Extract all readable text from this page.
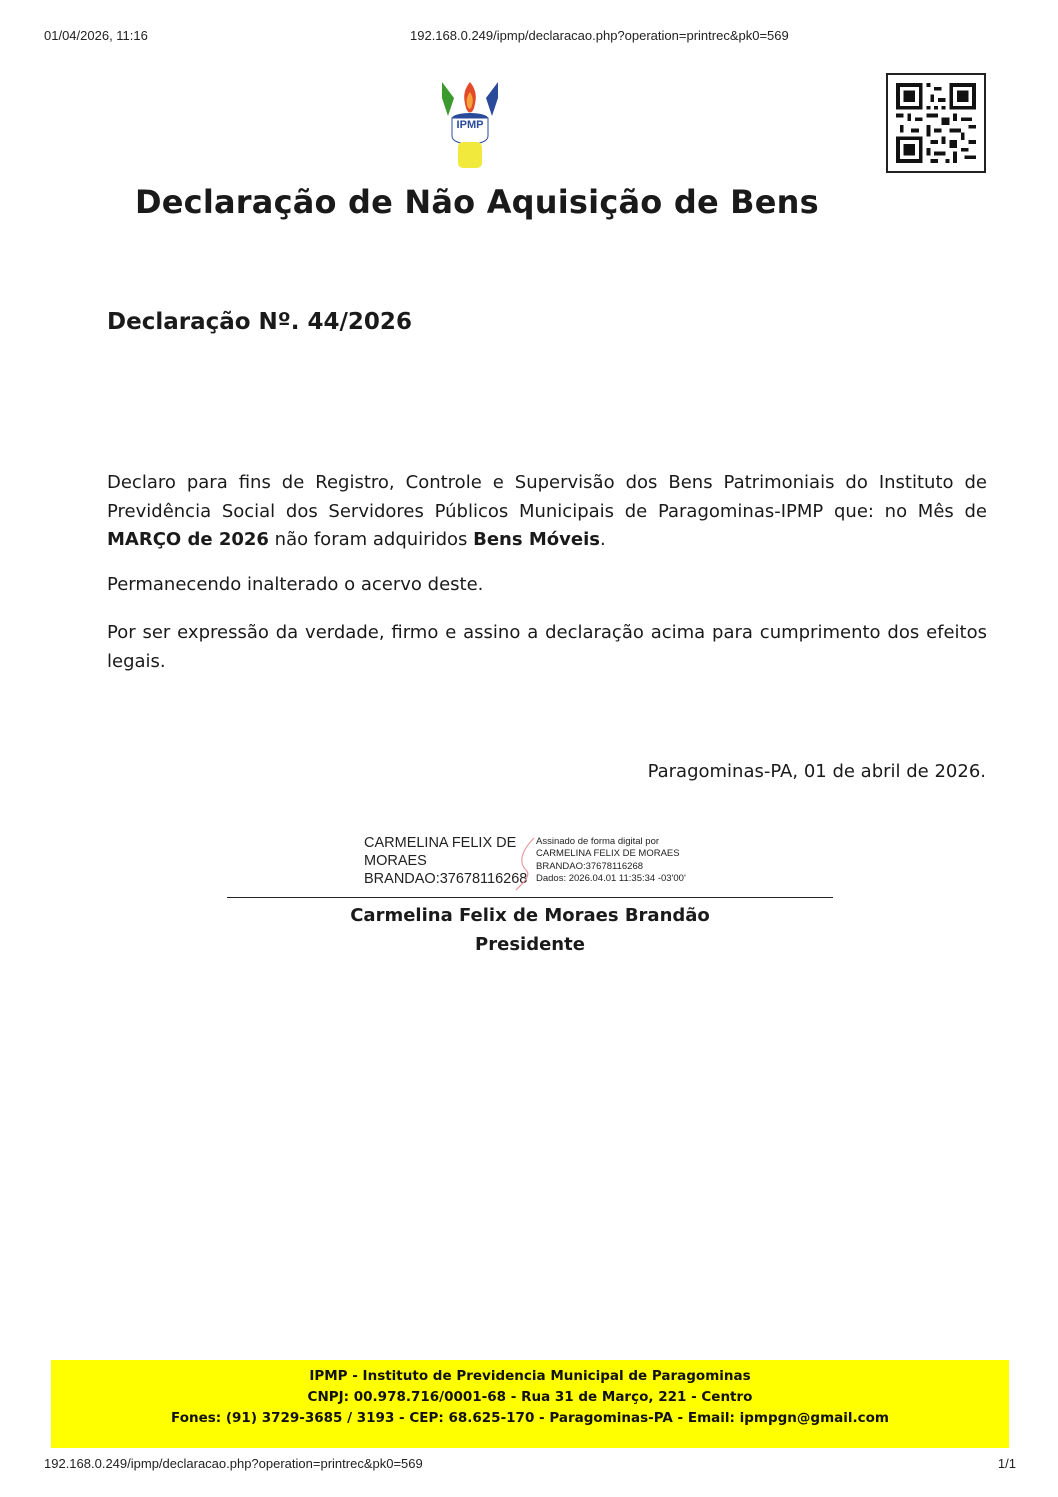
01/04/2026, 11:16	192.168.0.249/ipmp/declaracao.php?operation=printrec&pk0=569
IPMP
Declaração de Não Aquisição de Bens
Declaração Nº. 44/2026

Declaro para fins de Registro, Controle e Supervisão dos Bens Patrimoniais do Instituto de Previdência Social dos Servidores Públicos Municipais de Paragominas-IPMP que: no Mês de MARÇO de 2026 não foram adquiridos Bens Móveis.

Permanecendo inalterado o acervo deste.

Por ser expressão da verdade, firmo e assino a declaração acima para cumprimento dos efeitos legais.

Paragominas-PA, 01 de abril de 2026.

CARMELINA FELIX DE
MORAES
BRANDAO:37678116268
Assinado de forma digital por
CARMELINA FELIX DE MORAES
BRANDAO:37678116268
Dados: 2026.04.01 11:35:34 -03'00'

Carmelina Felix de Moraes Brandão

Presidente

IPMP - Instituto de Previdencia Municipal de Paragominas

CNPJ: 00.978.716/0001-68 - Rua 31 de Março, 221 - Centro

Fones: (91) 3729-3685 / 3193 - CEP: 68.625-170 - Paragominas-PA - Email: ipmpgn@gmail.com

192.168.0.249/ipmp/declaracao.php?operation=printrec&pk0=569	1/1
